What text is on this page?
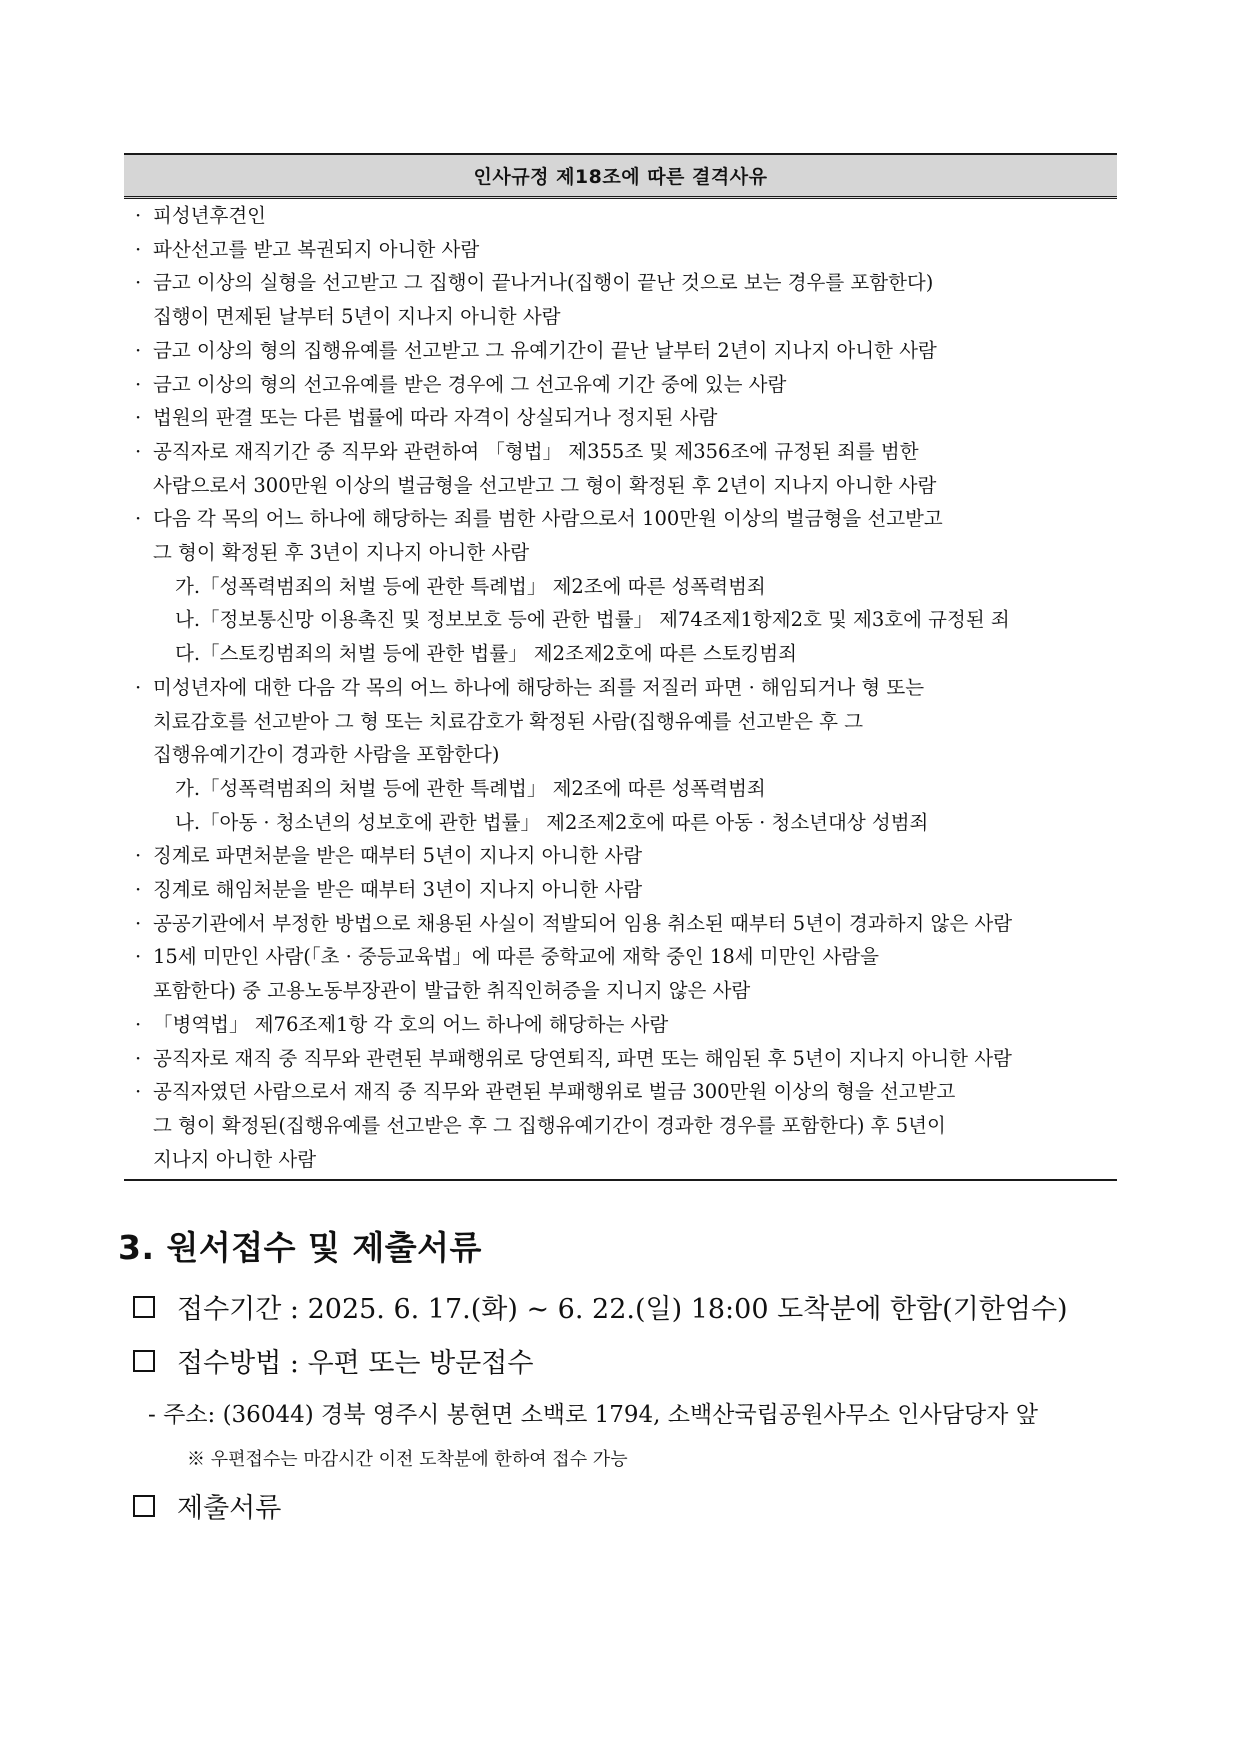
인사규정 제18조에 따른 결격사유
· 피성년후견인
· 파산선고를 받고 복권되지 아니한 사람
· 금고 이상의 실형을 선고받고 그 집행이 끝나거나(집행이 끝난 것으로 보는 경우를 포함한다)
집행이 면제된 날부터 5년이 지나지 아니한 사람
· 금고 이상의 형의 집행유예를 선고받고 그 유예기간이 끝난 날부터 2년이 지나지 아니한 사람
· 금고 이상의 형의 선고유예를 받은 경우에 그 선고유예 기간 중에 있는 사람
· 법원의 판결 또는 다른 법률에 따라 자격이 상실되거나 정지된 사람
· 공직자로 재직기간 중 직무와 관련하여 「형법」 제355조 및 제356조에 규정된 죄를 범한
사람으로서 300만원 이상의 벌금형을 선고받고 그 형이 확정된 후 2년이 지나지 아니한 사람
· 다음 각 목의 어느 하나에 해당하는 죄를 범한 사람으로서 100만원 이상의 벌금형을 선고받고
그 형이 확정된 후 3년이 지나지 아니한 사람
가.「성폭력범죄의 처벌 등에 관한 특례법」 제2조에 따른 성폭력범죄
나.「정보통신망 이용촉진 및 정보보호 등에 관한 법률」 제74조제1항제2호 및 제3호에 규정된 죄
다.「스토킹범죄의 처벌 등에 관한 법률」 제2조제2호에 따른 스토킹범죄
· 미성년자에 대한 다음 각 목의 어느 하나에 해당하는 죄를 저질러 파면 · 해임되거나 형 또는
치료감호를 선고받아 그 형 또는 치료감호가 확정된 사람(집행유예를 선고받은 후 그
집행유예기간이 경과한 사람을 포함한다)
가.「성폭력범죄의 처벌 등에 관한 특례법」 제2조에 따른 성폭력범죄
나.「아동 · 청소년의 성보호에 관한 법률」 제2조제2호에 따른 아동 · 청소년대상 성범죄
· 징계로 파면처분을 받은 때부터 5년이 지나지 아니한 사람
· 징계로 해임처분을 받은 때부터 3년이 지나지 아니한 사람
· 공공기관에서 부정한 방법으로 채용된 사실이 적발되어 임용 취소된 때부터 5년이 경과하지 않은 사람
· 15세 미만인 사람(「초 · 중등교육법」에 따른 중학교에 재학 중인 18세 미만인 사람을
포함한다) 중 고용노동부장관이 발급한 취직인허증을 지니지 않은 사람
· 「병역법」 제76조제1항 각 호의 어느 하나에 해당하는 사람
· 공직자로 재직 중 직무와 관련된 부패행위로 당연퇴직, 파면 또는 해임된 후 5년이 지나지 아니한 사람
· 공직자였던 사람으로서 재직 중 직무와 관련된 부패행위로 벌금 300만원 이상의 형을 선고받고
그 형이 확정된(집행유예를 선고받은 후 그 집행유예기간이 경과한 경우를 포함한다) 후 5년이
지나지 아니한 사람
3. 원서접수 및 제출서류
접수기간 : 2025. 6. 17.(화) ~ 6. 22.(일) 18:00 도착분에 한함(기한엄수)
접수방법 : 우편 또는 방문접수
- 주소: (36044) 경북 영주시 봉현면 소백로 1794, 소백산국립공원사무소 인사담당자 앞
※ 우편접수는 마감시간 이전 도착분에 한하여 접수 가능
제출서류
